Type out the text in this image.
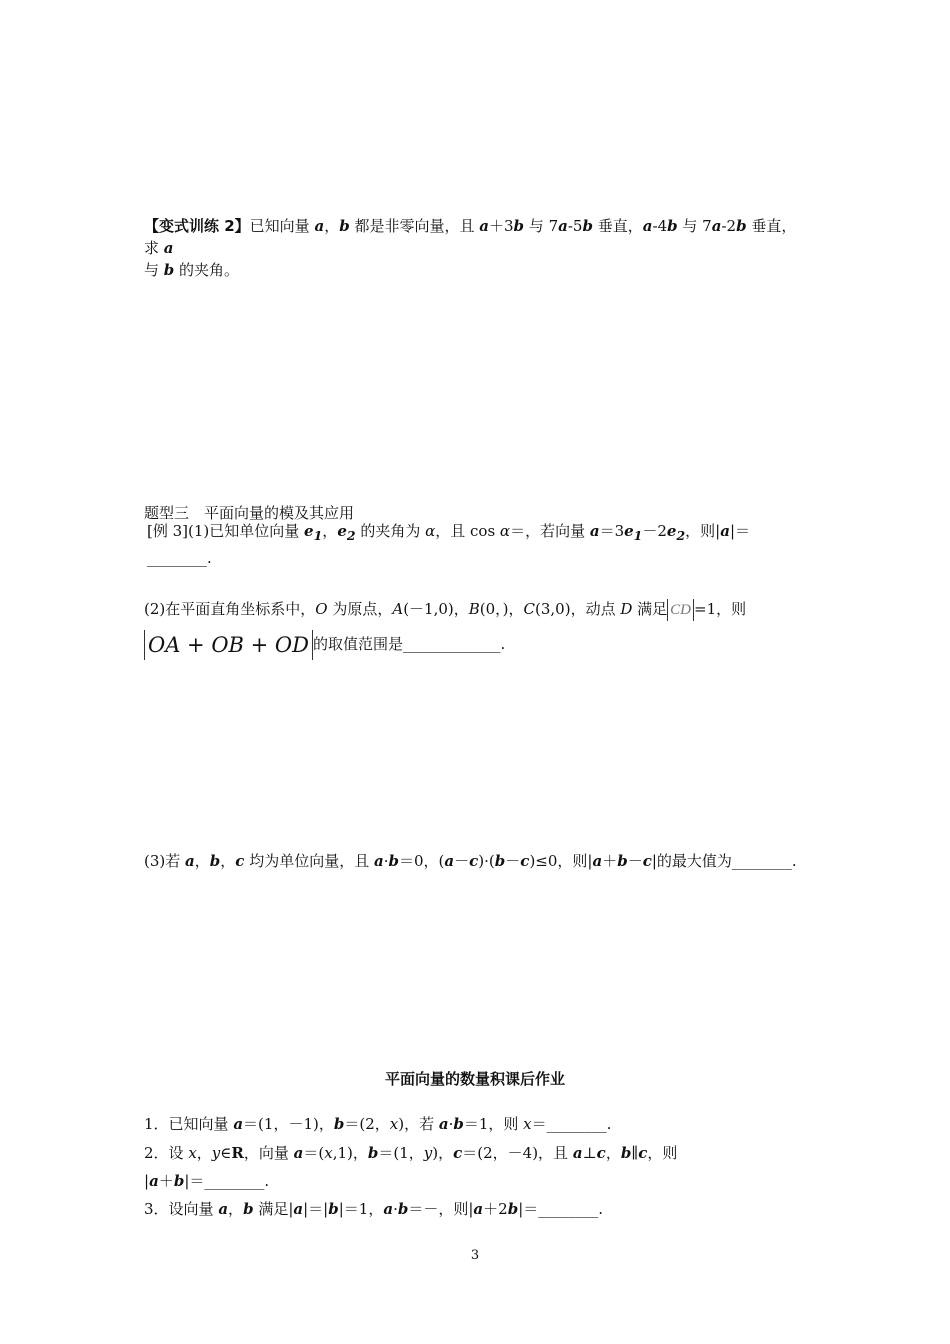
【变式训练 2】已知向量 a，b 都是非零向量，且 a＋3b 与 7a-5b 垂直，a-4b 与 7a-2b 垂直，求 a
与 b 的夹角。
题型三　平面向量的模及其应用
[例 3](1)已知单位向量 $e_1$，$e_2$ 的夹角为 α，且 cos α＝，若向量 $a=3e_1-2e_2$，则|a|＝________.
(2)在平面直角坐标系中，O 为原点，A(－1,0)，B(0，)，C(3,0)，动点 D 满足 CD =1，则
OA + OB + OD 的取值范围是_____________.
(3)若 a，b，c 均为单位向量，且 a·b＝0，(a－c)·(b－c)≤0，则|a＋b－c|的最大值为________.
平面向量的数量积课后作业
1．已知向量 a＝(1，－1)，b＝(2，x)，若 a·b＝1，则 x＝________.
2．设 x，y∈R，向量 a＝(x,1)，b＝(1，y)，c＝(2，－4)，且 a⊥c，b∥c，则
|a＋b|＝________.
3．设向量 a，b 满足|a|＝|b|＝1，a·b＝－，则|a＋2b|＝________.
3
